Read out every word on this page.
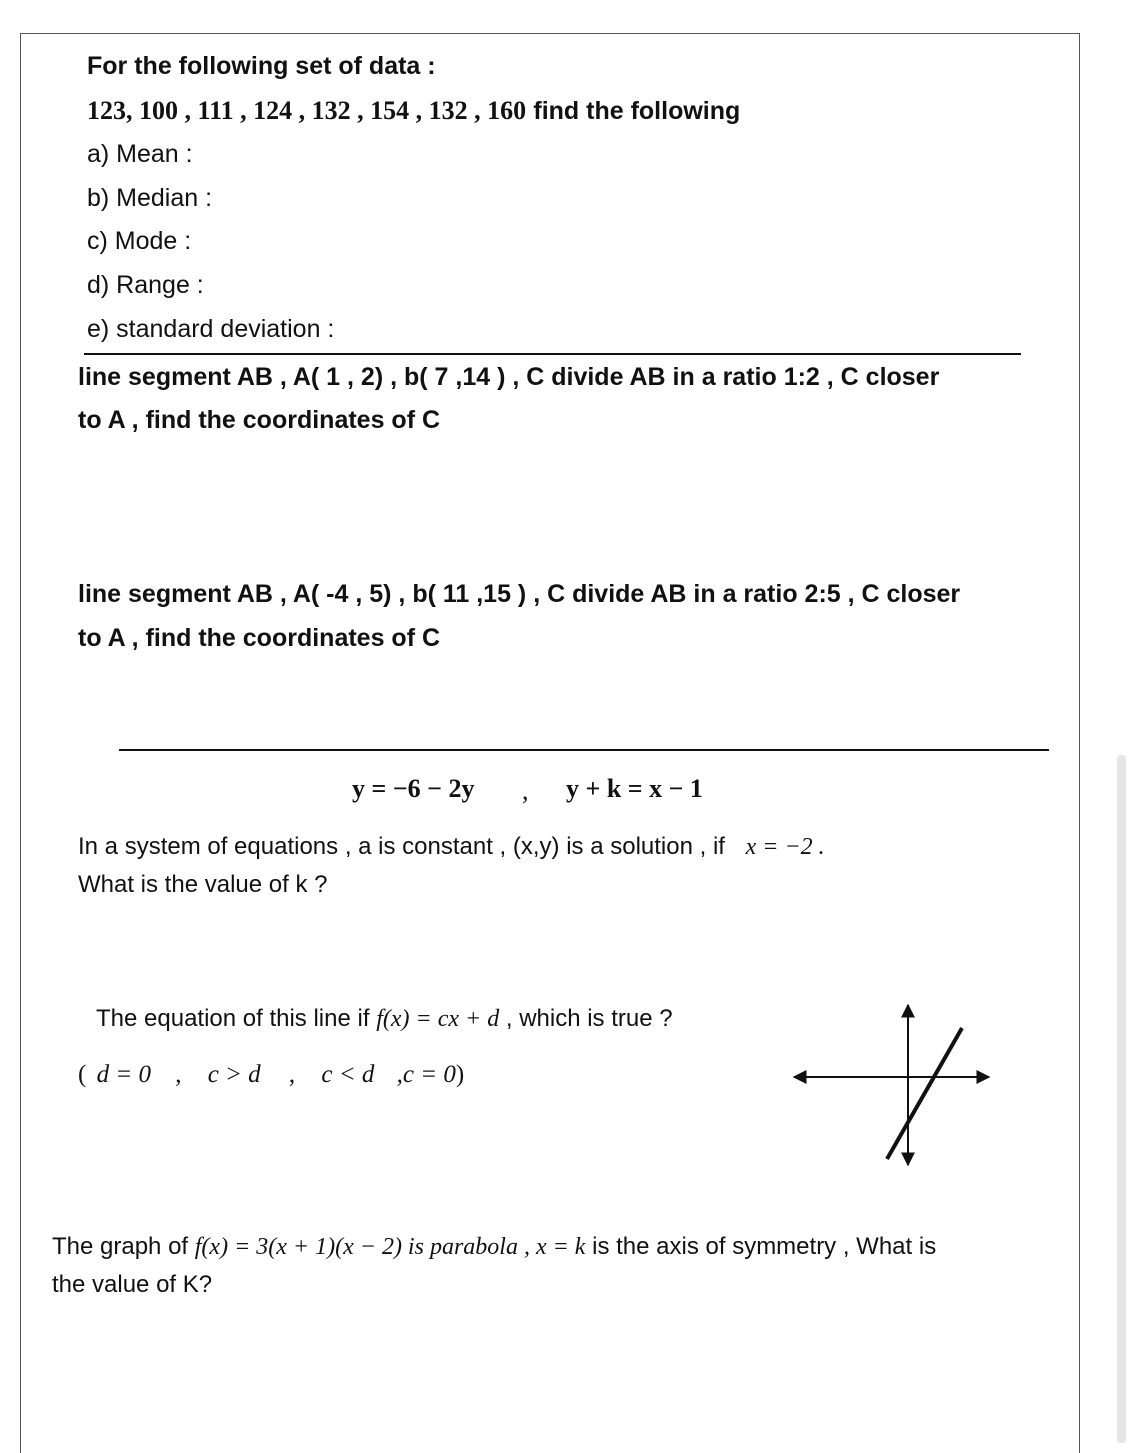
For the following set of data :
123, 100 , 111 , 124 , 132 , 154 , 132 , 160 find the following
a) Mean :
b) Median :
c) Mode :
d) Range :
e) standard deviation :
line segment AB , A( 1 , 2) , b( 7 ,14 ) , C divide AB in a ratio 1:2 , C closer
to A , find the coordinates of C
line segment AB , A( -4 , 5) , b( 11 ,15 ) , C divide AB in a ratio 2:5 , C closer
to A , find the coordinates of C
y = −6 − 2y , y + k = x − 1
In a system of equations , a is constant , (x,y) is a solution , if x = −2 .
What is the value of k ?
The equation of this line if f(x) = cx + d , which is true ?
( d = 0 , c > d , c < d ,c = 0)
The graph of f(x) = 3(x + 1)(x − 2) is parabola , x = k is the axis of symmetry , What is
the value of K?
